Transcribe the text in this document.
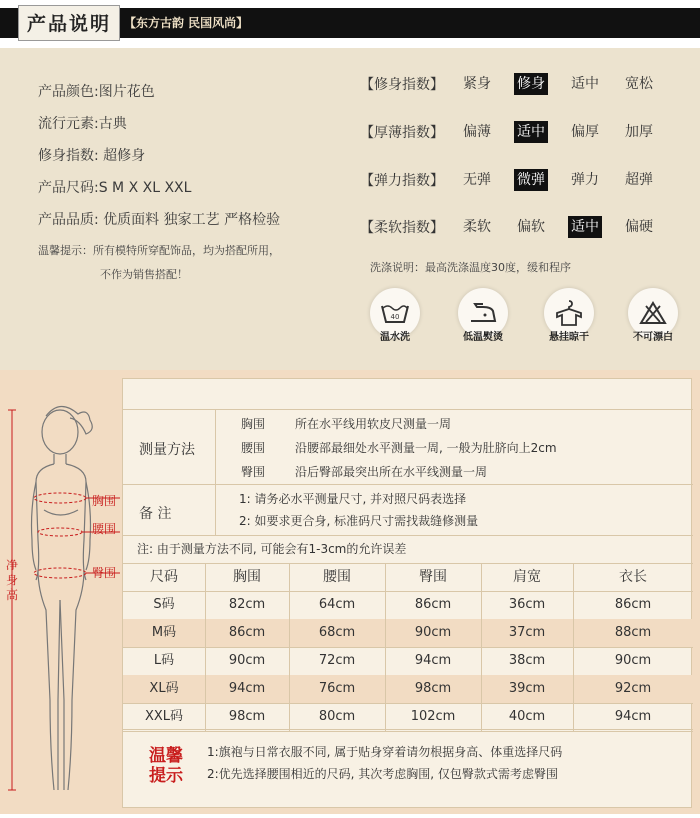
产品说明	【东方古韵 民国风尚】
产品颜色:图片花色
流行元素:古典
修身指数: 超修身
产品尺码:S M X XL XXL
产品品质: 优质面料 独家工艺 严格检验
温馨提示：所有模特所穿配饰品，均为搭配所用，
不作为销售搭配！
【修身指数】	紧身 修身 适中 宽松
【厚薄指数】	偏薄 适中 偏厚 加厚
【弹力指数】	无弹 微弹 弹力 超弹
【柔软指数】	柔软 偏软 适中 偏硬
洗涤说明：最高洗涤温度30度，缓和程序
40
温水洗	低温熨烫	悬挂晾干	不可漂白
胸围
腰围
臀围
净身高
测量方法
胸围 所在水平线用软皮尺测量一周
腰围 沿腰部最细处水平测量一周, 一般为肚脐向上2cm
臀围 沿后臀部最突出所在水平线测量一周
备 注
1: 请务必水平测量尺寸, 并对照尺码表选择
2: 如要求更合身, 标准码尺寸需找裁缝修测量
注: 由于测量方法不同, 可能会有1-3cm的允许误差
尺码	胸围	腰围	臀围	肩宽	衣长
S码	82cm	64cm	86cm	36cm	86cm
M码	86cm	68cm	90cm	37cm	88cm
L码	90cm	72cm	94cm	38cm	90cm
XL码	94cm	76cm	98cm	39cm	92cm
XXL码	98cm	80cm	102cm	40cm	94cm
温馨
提示
1:旗袍与日常衣服不同, 属于贴身穿着请勿根据身高、体重选择尺码
2:优先选择腰围相近的尺码, 其次考虑胸围, 仅包臀款式需考虑臀围
